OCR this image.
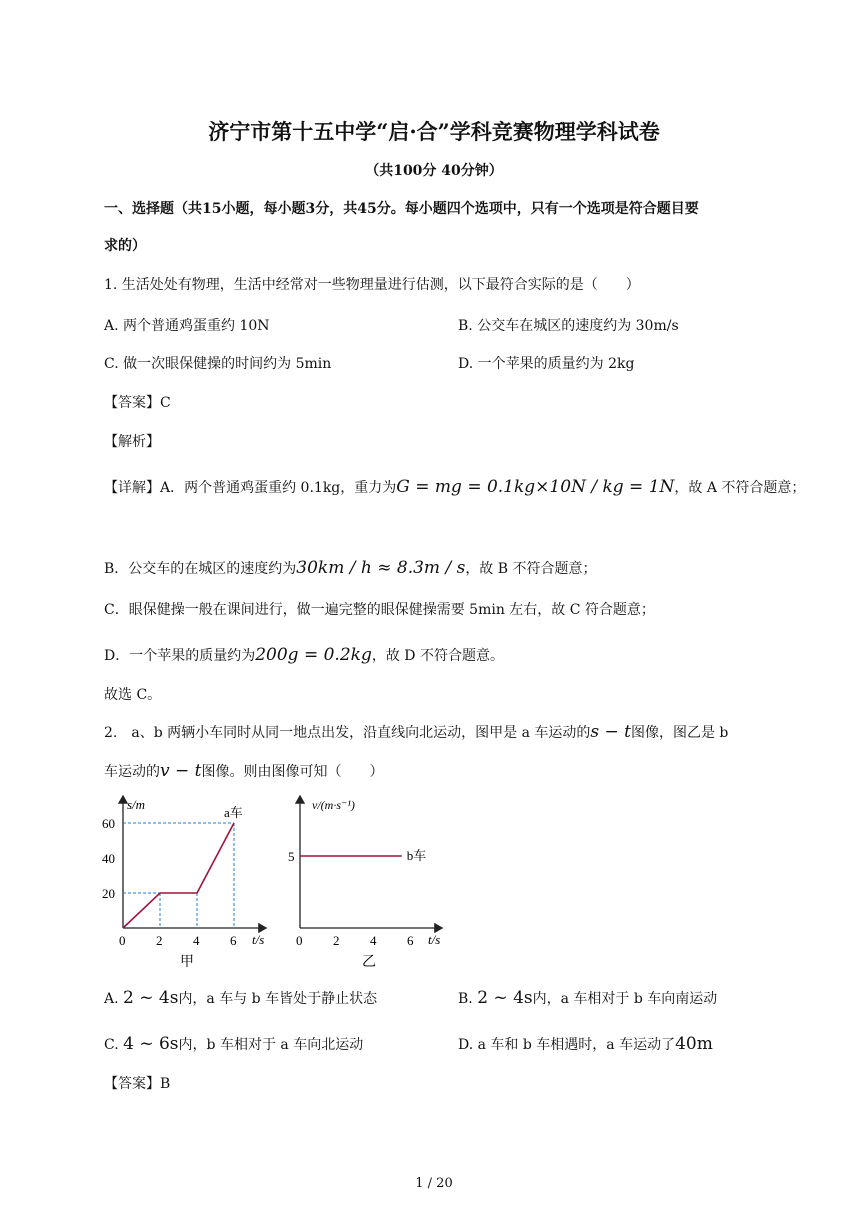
济宁市第十五中学“启·合”学科竞赛物理学科试卷
（共100分 40分钟）
一、选择题（共15小题，每小题3分，共45分。每小题四个选项中，只有一个选项是符合题目要
求的）
1. 生活处处有物理，生活中经常对一些物理量进行估测，以下最符合实际的是（　　）
A. 两个普通鸡蛋重约 10N	B. 公交车在城区的速度约为 30m/s
C. 做一次眼保健操的时间约为 5min	D. 一个苹果的质量约为 2kg
【答案】C
【解析】
【详解】A．两个普通鸡蛋重约 0.1kg，重力为G = mg = 0.1kg×10N / kg = 1N，故 A 不符合题意；
B．公交车的在城区的速度约为30km / h ≈ 8.3m / s，故 B 不符合题意；
C．眼保健操一般在课间进行，做一遍完整的眼保健操需要 5min 左右，故 C 符合题意；
D．一个苹果的质量约为200g = 0.2kg，故 D 不符合题意。
故选 C。
2.　a、b 两辆小车同时从同一地点出发，沿直线向北运动，图甲是 a 车运动的s − t图像，图乙是 b
车运动的v − t图像。则由图像可知（　　）
20
40
60
0 2 4 6
s/m
t/s
a车
甲
5
0 2 4 6
v/(m·s⁻¹)
t/s
b车
乙
A. 2 ~ 4s内，a 车与 b 车皆处于静止状态	B. 2 ~ 4s内，a 车相对于 b 车向南运动
C. 4 ~ 6s内，b 车相对于 a 车向北运动	D. a 车和 b 车相遇时，a 车运动了40m
【答案】B
1 / 20
